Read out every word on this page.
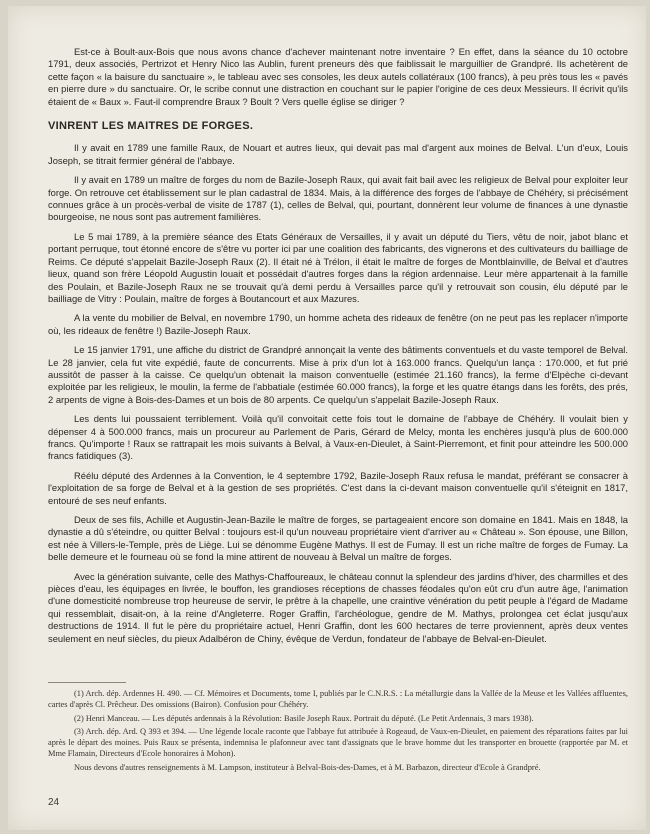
Est-ce à Boult-aux-Bois que nous avons chance d'achever maintenant notre inventaire ? En effet, dans la séance du 10 octobre 1791, deux associés, Pertrizot et Henry Nico las Aublin, furent preneurs dès que faiblissait le marguillier de Grandpré. Ils achetèrent de cette façon « la baisure du sanctuaire », le tableau avec ses consoles, les deux autels collatéraux (100 francs), à peu près tous les « pavés en pierre dure » du sanctuaire. Or, le scribe connut une distraction en couchant sur le papier l'origine de ces deux Messieurs. Il écrivit qu'ils étaient de « Baux ». Faut-il comprendre Braux ? Boult ? Vers quelle église se diriger ?

VINRENT LES MAITRES DE FORGES.

Il y avait en 1789 une famille Raux, de Nouart et autres lieux, qui devait pas mal d'argent aux moines de Belval. L'un d'eux, Louis Joseph, se titrait fermier général de l'abbaye.

Il y avait en 1789 un maître de forges du nom de Bazile-Joseph Raux, qui avait fait bail avec les religieux de Belval pour exploiter leur forge. On retrouve cet établissement sur le plan cadastral de 1834. Mais, à la différence des forges de l'abbaye de Chéhéry, si précisément connues grâce à un procès-verbal de visite de 1787 (1), celles de Belval, qui, pourtant, donnèrent leur volume de finances à une dynastie bourgeoise, ne nous sont pas autrement familières.

Le 5 mai 1789, à la première séance des Etats Généraux de Versailles, il y avait un député du Tiers, vêtu de noir, jabot blanc et portant perruque, tout étonné encore de s'être vu porter ici par une coalition des fabricants, des vignerons et des cultivateurs du bailliage de Reims. Ce député s'appelait Bazile-Joseph Raux (2). Il était né à Trélon, il était le maître de forges de Montblainville, de Belval et d'autres lieux, quand son frère Léopold Augustin louait et possédait d'autres forges dans la région ardennaise. Leur mère appartenait à la famille des Poulain, et Bazile-Joseph Raux ne se trouvait qu'à demi perdu à Versailles parce qu'il y retrouvait son cousin, élu député par le bailliage de Vitry : Poulain, maître de forges à Boutancourt et aux Mazures.

A la vente du mobilier de Belval, en novembre 1790, un homme acheta des rideaux de fenêtre (on ne peut pas les replacer n'importe où, les rideaux de fenêtre !) Bazile-Joseph Raux.

Le 15 janvier 1791, une affiche du district de Grandpré annonçait la vente des bâtiments conventuels et du vaste temporel de Belval. Le 28 janvier, cela fut vite expédié, faute de concurrents. Mise à prix d'un lot à 163.000 francs. Quelqu'un lança : 170.000, et fut prié aussitôt de passer à la caisse. Ce quelqu'un obtenait la maison conventuelle (estimée 21.160 francs), la ferme d'Elpèche ci-devant exploitée par les religieux, le moulin, la ferme de l'abbatiale (estimée 60.000 francs), la forge et les quatre étangs dans les forêts, des prés, 2 arpents de vigne à Bois-des-Dames et un bois de 80 arpents. Ce quelqu'un s'appelait Bazile-Joseph Raux.

Les dents lui poussaient terriblement. Voilà qu'il convoitait cette fois tout le domaine de l'abbaye de Chéhéry. Il voulait bien y dépenser 4 à 500.000 francs, mais un procureur au Parlement de Paris, Gérard de Melcy, monta les enchères jusqu'à plus de 600.000 francs. Qu'importe ! Raux se rattrapait les mois suivants à Belval, à Vaux-en-Dieulet, à Saint-Pierremont, et finit pour atteindre les 500.000 francs fatidiques (3).

Réélu député des Ardennes à la Convention, le 4 septembre 1792, Bazile-Joseph Raux refusa le mandat, préférant se consacrer à l'exploitation de sa forge de Belval et à la gestion de ses propriétés. C'est dans la ci-devant maison conventuelle qu'il s'éteignit en 1817, entouré de ses neuf enfants.

Deux de ses fils, Achille et Augustin-Jean-Bazile le maître de forges, se partageaient encore son domaine en 1841. Mais en 1848, la dynastie a dû s'éteindre, ou quitter Belval : toujours est-il qu'un nouveau propriétaire vient d'arriver au « Château ». Son épouse, une Billon, est née à Villers-le-Temple, près de Liège. Lui se dénomme Eugène Mathys. Il est de Fumay. Il est un riche maître de forges de Fumay. La belle demeure et le fourneau où se fond la mine attirent de nouveau à Belval un maître de forges.

Avec la génération suivante, celle des Mathys-Chaffoureaux, le château connut la splendeur des jardins d'hiver, des charmilles et des pièces d'eau, les équipages en livrée, le bouffon, les grandioses réceptions de chasses féodales qu'on eût cru d'un autre âge, l'animation d'une domesticité nombreuse trop heureuse de servir, le prêtre à la chapelle, une craintive vénération du petit peuple à l'égard de Madame qui ressemblait, disait-on, à la reine d'Angleterre. Roger Graffin, l'archéologue, gendre de M. Mathys, prolongea cet éclat jusqu'aux destructions de 1914. Il fut le père du propriétaire actuel, Henri Graffin, dont les 600 hectares de terre proviennent, après deux ventes seulement en neuf siècles, du pieux Adalbéron de Chiny, évêque de Verdun, fondateur de l'abbaye de Belval-en-Dieulet.

(1) Arch. dép. Ardennes H. 490. — Cf. Mémoires et Documents, tome I, publiés par le C.N.R.S. : La métallurgie dans la Vallée de la Meuse et les Vallées affluentes, cartes d'après Cl. Prêcheur. Des omissions (Bairon). Confusion pour Chéhéry.

(2) Henri Manceau. — Les députés ardennais à la Révolution: Basile Joseph Raux. Portrait du député. (Le Petit Ardennais, 3 mars 1938).

(3) Arch. dép. Ard. Q 393 et 394. — Une légende locale raconte que l'abbaye fut attribuée à Rogeaud, de Vaux-en-Dieulet, en paiement des réparations faites par lui après le départ des moines. Puis Raux se présenta, indemnisa le plafonneur avec tant d'assignats que le brave homme dut les transporter en brouette (rapportée par M. et Mme Flamain, Directeurs d'Ecole honoraires à Mohon).

Nous devons d'autres renseignements à M. Lampson, instituteur à Belval-Bois-des-Dames, et à M. Barbazon, directeur d'Ecole à Grandpré.

24
